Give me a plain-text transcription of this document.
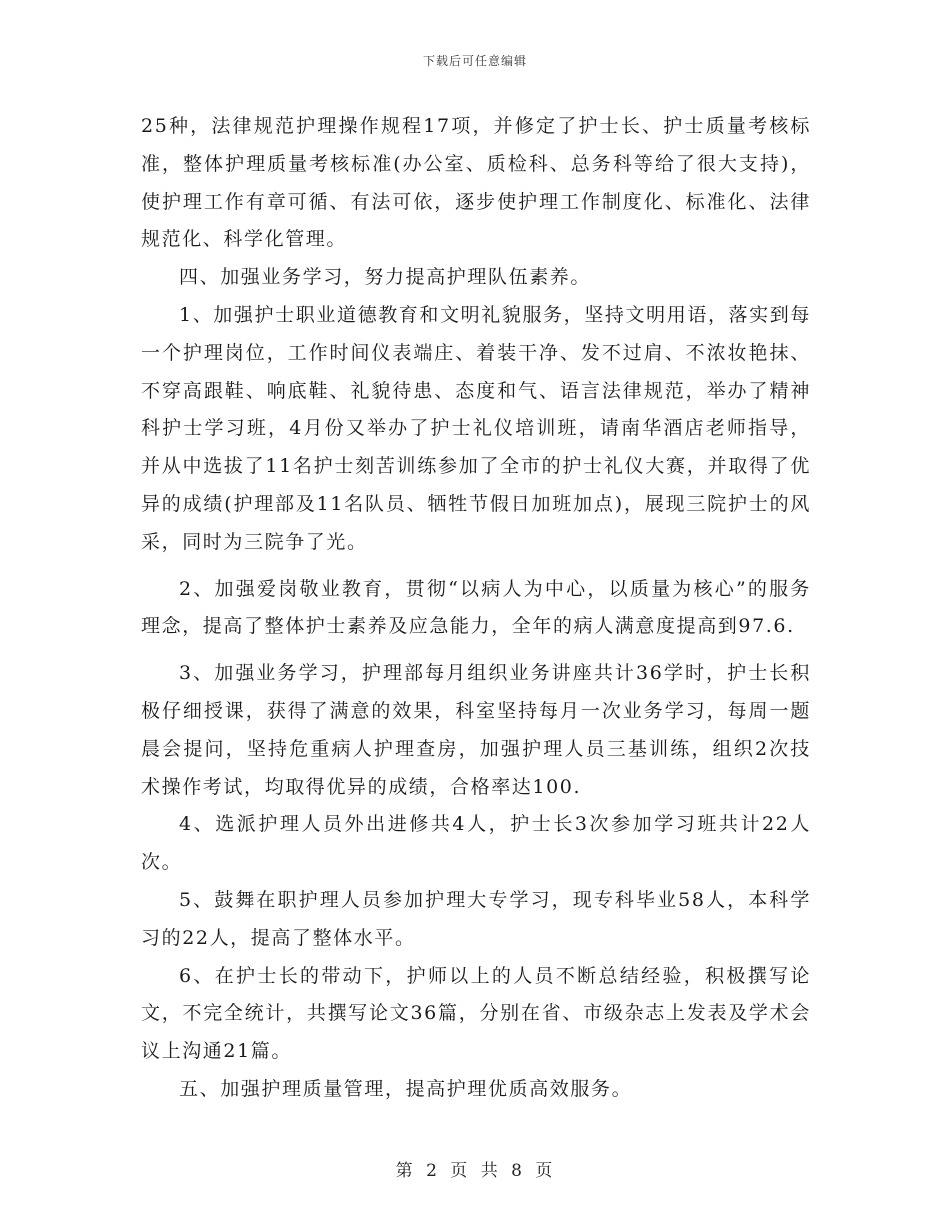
下载后可任意编辑

25种，法律规范护理操作规程17项，并修定了护士长、护士质量考核标准，整体护理质量考核标准(办公室、质检科、总务科等给了很大支持)，使护理工作有章可循、有法可依，逐步使护理工作制度化、标准化、法律规范化、科学化管理。

四、加强业务学习，努力提高护理队伍素养。

1、加强护士职业道德教育和文明礼貌服务，坚持文明用语，落实到每一个护理岗位，工作时间仪表端庄、着装干净、发不过肩、不浓妆艳抹、不穿高跟鞋、响底鞋、礼貌待患、态度和气、语言法律规范，举办了精神科护士学习班，4月份又举办了护士礼仪培训班，请南华酒店老师指导，并从中选拔了11名护士刻苦训练参加了全市的护士礼仪大赛，并取得了优异的成绩(护理部及11名队员、牺牲节假日加班加点)，展现三院护士的风采，同时为三院争了光。

2、加强爱岗敬业教育，贯彻“以病人为中心，以质量为核心”的服务理念，提高了整体护士素养及应急能力，全年的病人满意度提高到97.6.

3、加强业务学习，护理部每月组织业务讲座共计36学时，护士长积极仔细授课，获得了满意的效果，科室坚持每月一次业务学习，每周一题晨会提问，坚持危重病人护理查房，加强护理人员三基训练，组织2次技术操作考试，均取得优异的成绩，合格率达100.

4、选派护理人员外出进修共4人，护士长3次参加学习班共计22人次。

5、鼓舞在职护理人员参加护理大专学习，现专科毕业58人，本科学习的22人，提高了整体水平。

6、在护士长的带动下，护师以上的人员不断总结经验，积极撰写论文，不完全统计，共撰写论文36篇，分别在省、市级杂志上发表及学术会议上沟通21篇。

五、加强护理质量管理，提高护理优质高效服务。

第 2 页 共 8 页
